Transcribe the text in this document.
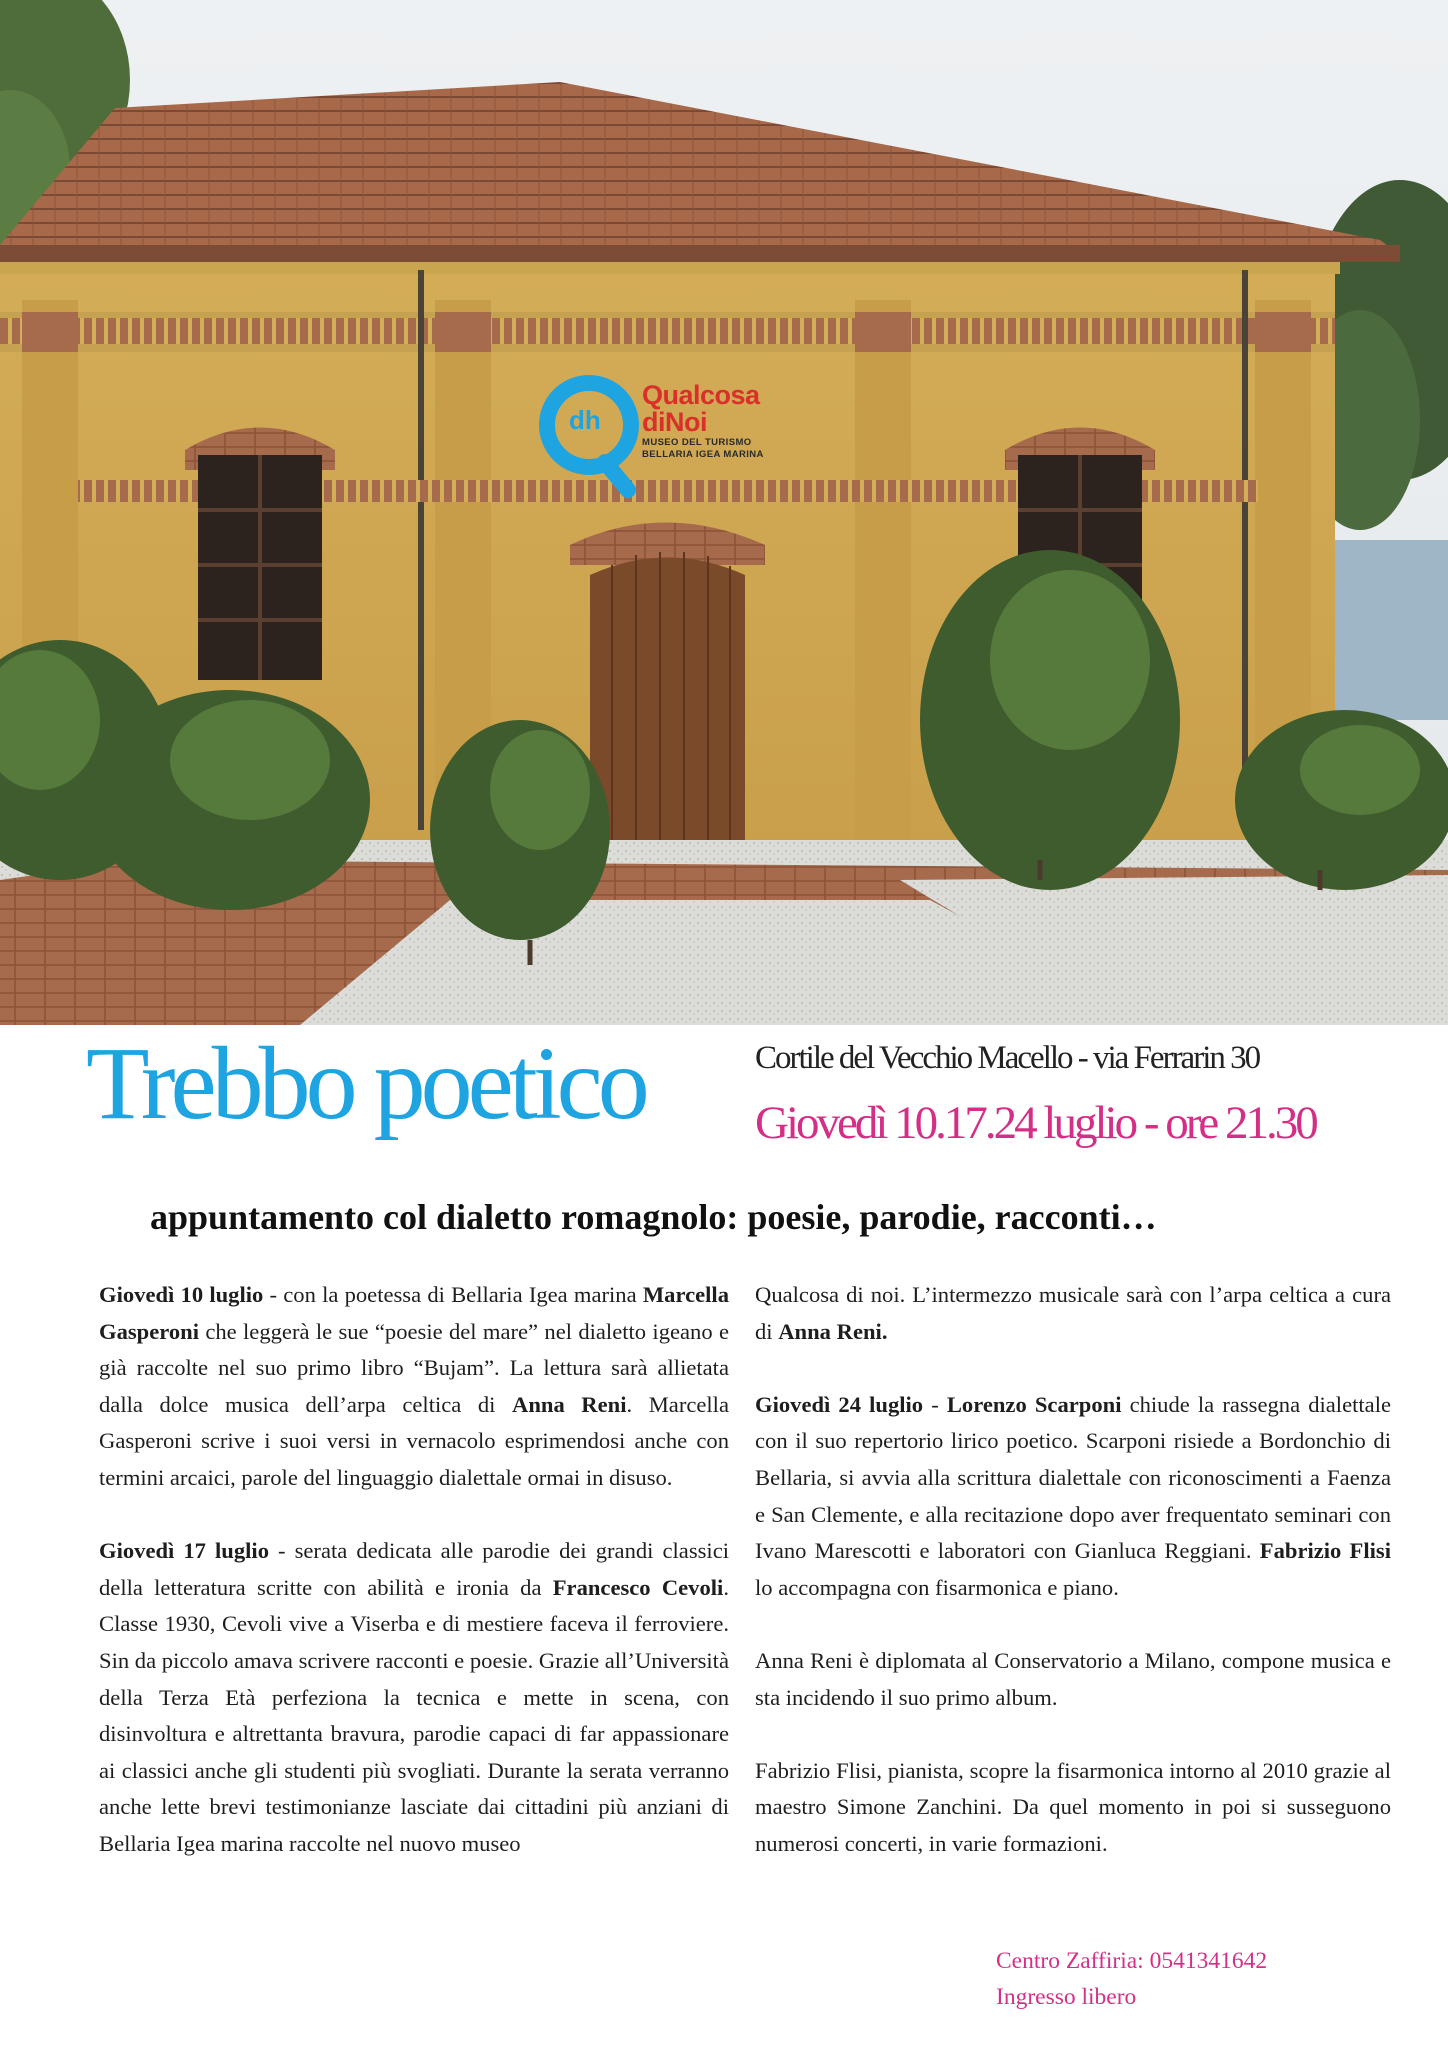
Qualcosa
diNoi
MUSEO DEL TURISMO
BELLARIA IGEA MARINA
dh
Trebbo poetico	Cortile del Vecchio Macello - via Ferrarin 30
Giovedì 10.17.24 luglio - ore 21.30
appuntamento col dialetto romagnolo: poesie, parodie, racconti…

Giovedì 10 luglio - con la poetessa di Bellaria Igea marina Marcella Gasperoni che leggerà le sue “poesie del mare” nel dialetto igeano e già raccolte nel suo primo libro “Bujam”. La lettura sarà allietata dalla dolce musica dell’arpa celtica di Anna Reni. Marcella Gasperoni scrive i suoi versi in vernacolo esprimendosi anche con termini arcaici, parole del linguaggio dialettale ormai in disuso.

Giovedì 17 luglio - serata dedicata alle parodie dei grandi classici della letteratura scritte con abilità e ironia da Francesco Cevoli. Classe 1930, Cevoli vive a Viserba e di mestiere faceva il ferroviere. Sin da piccolo amava scrivere racconti e poesie. Grazie all’Università della Terza Età perfeziona la tecnica e mette in scena, con disinvoltura e altrettanta bravura, parodie capaci di far appassionare ai classici anche gli studenti più svogliati. Durante la serata verranno anche lette brevi testimonianze lasciate dai cittadini più anziani di Bellaria Igea marina raccolte nel nuovo museo

Qualcosa di noi. L’intermezzo musicale sarà con l’arpa celtica a cura di Anna Reni.

Giovedì 24 luglio - Lorenzo Scarponi chiude la rassegna dialettale con il suo repertorio lirico poetico. Scarponi risiede a Bordonchio di Bellaria, si avvia alla scrittura dialettale con riconoscimenti a Faenza e San Clemente, e alla recitazione dopo aver frequentato seminari con Ivano Marescotti e laboratori con Gianluca Reggiani. Fabrizio Flisi lo accompagna con fisarmonica e piano.

Anna Reni è diplomata al Conservatorio a Milano, compone musica e sta incidendo il suo primo album.

Fabrizio Flisi, pianista, scopre la fisarmonica intorno al 2010 grazie al maestro Simone Zanchini. Da quel momento in poi si susseguono numerosi concerti, in varie formazioni.

Centro Zaffiria: 0541341642
Ingresso libero
